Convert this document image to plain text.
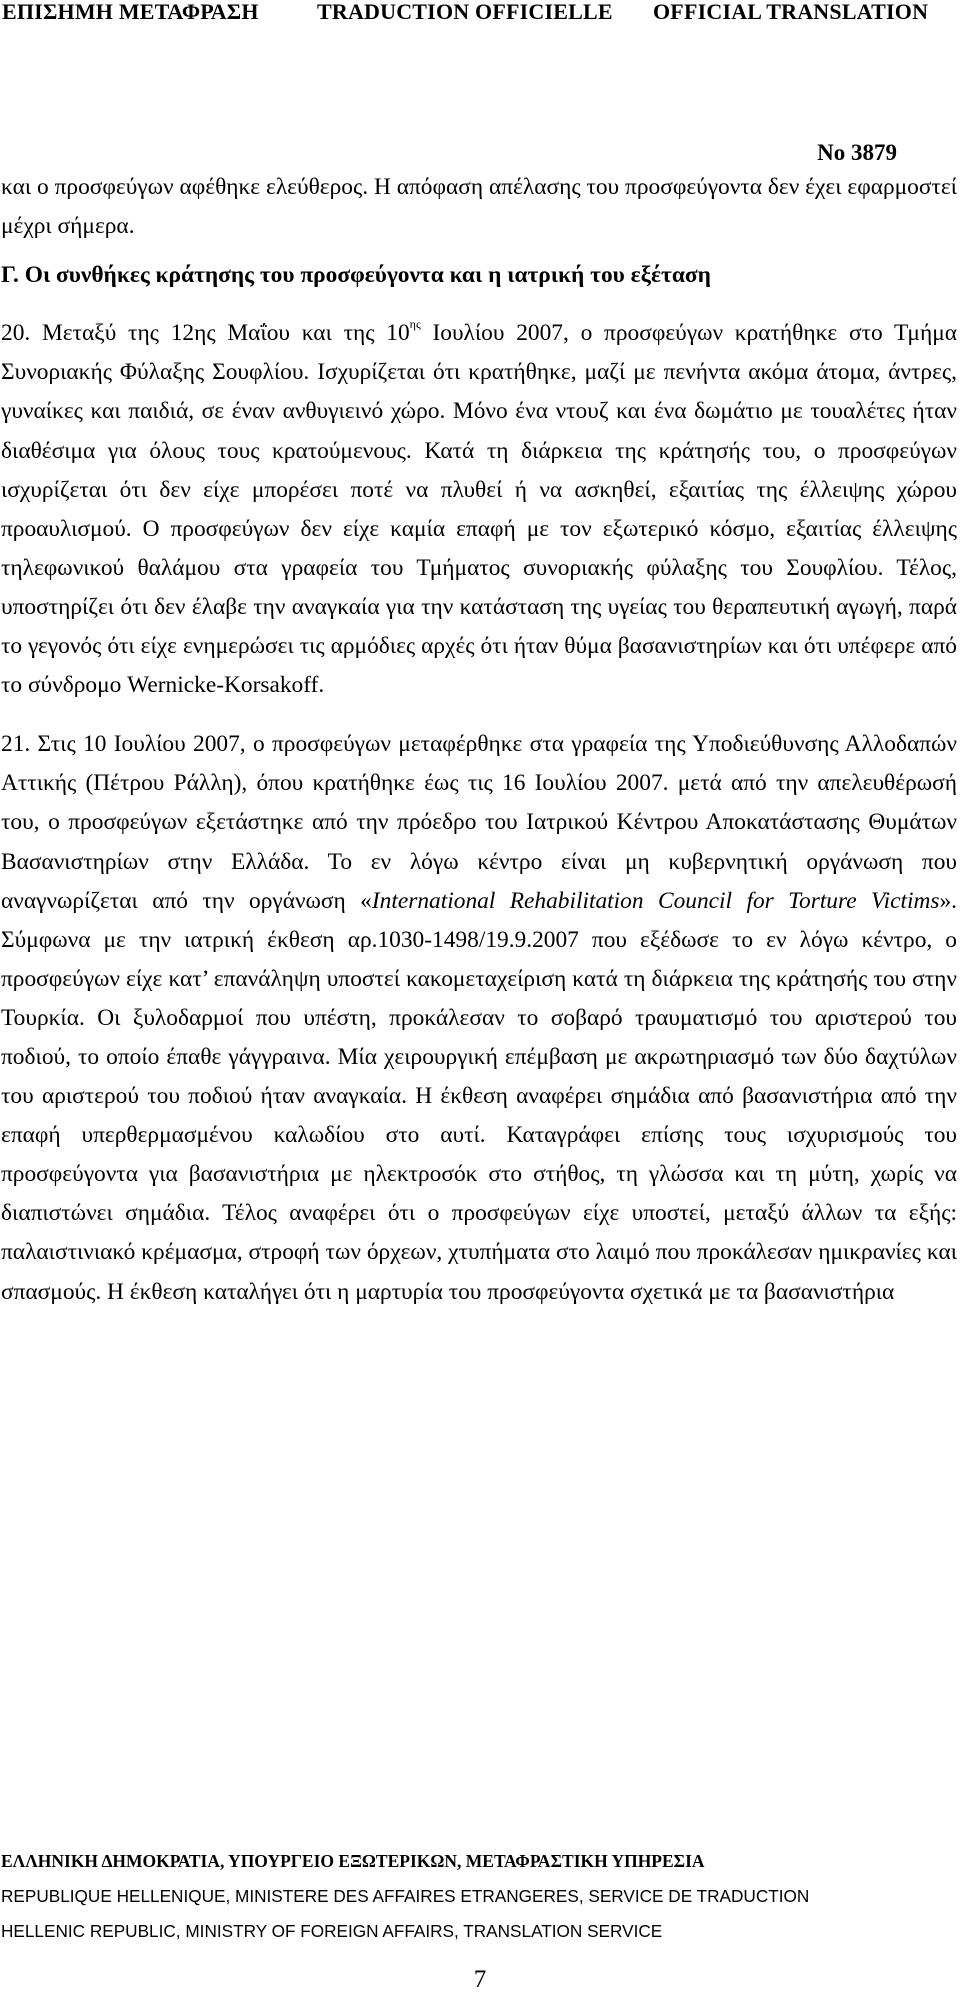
ΕΠΙΣΗΜΗ ΜΕΤΑΦΡΑΣΗ	TRADUCTION OFFICIELLE OFFICIAL TRANSLATION
No 3879

και ο προσφεύγων αφέθηκε ελεύθερος. Η απόφαση απέλασης του προσφεύγοντα δεν έχει εφαρμοστεί μέχρι σήμερα.

Γ. Οι συνθήκες κράτησης του προσφεύγοντα και η ιατρική του εξέταση

20. Μεταξύ της 12ης Μαΐου και της $10^{\eta\varsigma}$ Ιουλίου 2007, ο προσφεύγων κρατήθηκε στο Τμήμα Συνοριακής Φύλαξης Σουφλίου. Ισχυρίζεται ότι κρατήθηκε, μαζί με πενήντα ακόμα άτομα, άντρες, γυναίκες και παιδιά, σε έναν ανθυγιεινό χώρο. Μόνο ένα ντουζ και ένα δωμάτιο με τουαλέτες ήταν διαθέσιμα για όλους τους κρατούμενους. Κατά τη διάρκεια της κράτησής του, ο προσφεύγων ισχυρίζεται ότι δεν είχε μπορέσει ποτέ να πλυθεί ή να ασκηθεί, εξαιτίας της έλλειψης χώρου προαυλισμού. Ο προσφεύγων δεν είχε καμία επαφή με τον εξωτερικό κόσμο, εξαιτίας έλλειψης τηλεφωνικού θαλάμου στα γραφεία του Τμήματος συνοριακής φύλαξης του Σουφλίου. Τέλος, υποστηρίζει ότι δεν έλαβε την αναγκαία για την κατάσταση της υγείας του θεραπευτική αγωγή, παρά το γεγονός ότι είχε ενημερώσει τις αρμόδιες αρχές ότι ήταν θύμα βασανιστηρίων και ότι υπέφερε από το σύνδρομο Wernicke-Korsakoff.

21. Στις 10 Ιουλίου 2007, ο προσφεύγων μεταφέρθηκε στα γραφεία της Υποδιεύθυνσης Αλλοδαπών Αττικής (Πέτρου Ράλλη), όπου κρατήθηκε έως τις 16 Ιουλίου 2007. μετά από την απελευθέρωσή του, ο προσφεύγων εξετάστηκε από την πρόεδρο του Ιατρικού Κέντρου Αποκατάστασης Θυμάτων Βασανιστηρίων στην Ελλάδα. Το εν λόγω κέντρο είναι μη κυβερνητική οργάνωση που αναγνωρίζεται από την οργάνωση «International Rehabilitation Council for Torture Victims». Σύμφωνα με την ιατρική έκθεση αρ.1030-1498/19.9.2007 που εξέδωσε το εν λόγω κέντρο, ο προσφεύγων είχε κατ’ επανάληψη υποστεί κακομεταχείριση κατά τη διάρκεια της κράτησής του στην Τουρκία. Οι ξυλοδαρμοί που υπέστη, προκάλεσαν το σοβαρό τραυματισμό του αριστερού του ποδιού, το οποίο έπαθε γάγγραινα. Μία χειρουργική επέμβαση με ακρωτηριασμό των δύο δαχτύλων του αριστερού του ποδιού ήταν αναγκαία. Η έκθεση αναφέρει σημάδια από βασανιστήρια από την επαφή υπερθερμασμένου καλωδίου στο αυτί. Καταγράφει επίσης τους ισχυρισμούς του προσφεύγοντα για βασανιστήρια με ηλεκτροσόκ στο στήθος, τη γλώσσα και τη μύτη, χωρίς να διαπιστώνει σημάδια. Τέλος αναφέρει ότι ο προσφεύγων είχε υποστεί, μεταξύ άλλων τα εξής: παλαιστινιακό κρέμασμα, στροφή των όρχεων, χτυπήματα στο λαιμό που προκάλεσαν ημικρανίες και σπασμούς. Η έκθεση καταλήγει ότι η μαρτυρία του προσφεύγοντα σχετικά με τα βασανιστήρια

ΕΛΛΗΝΙΚΗ ΔΗΜΟΚΡΑΤΙΑ, ΥΠΟΥΡΓΕΙΟ ΕΞΩΤΕΡΙΚΩΝ, ΜΕΤΑΦΡΑΣΤΙΚΗ ΥΠΗΡΕΣΙΑ
REPUBLIQUE HELLENIQUE, MINISTERE DES AFFAIRES ETRANGERES, SERVICE DE TRADUCTION
HELLENIC REPUBLIC, MINISTRY OF FOREIGN AFFAIRS, TRANSLATION SERVICE
7
